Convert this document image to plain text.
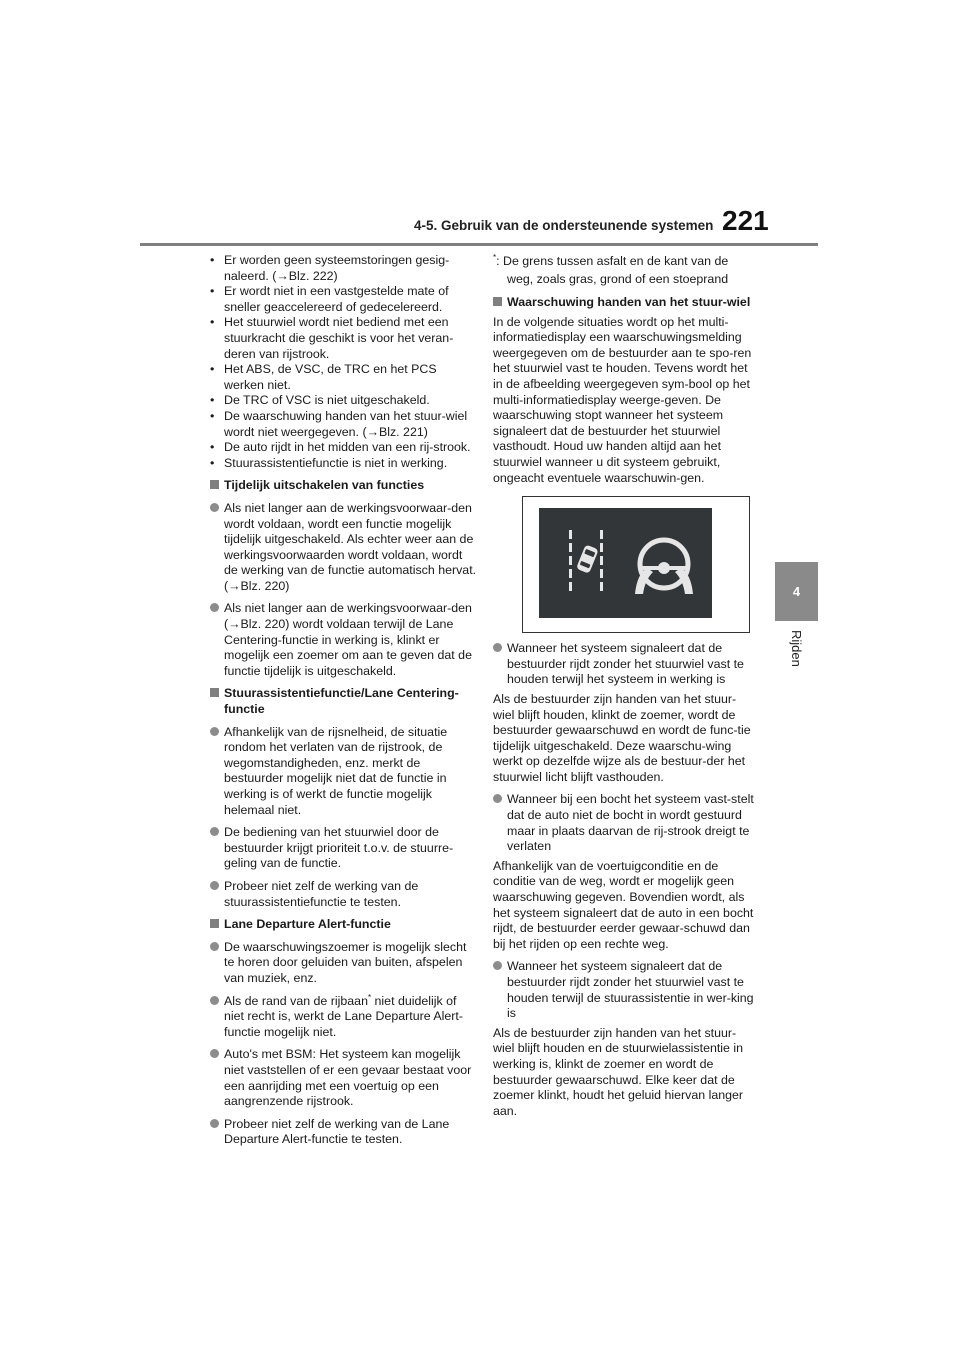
4-5. Gebruik van de ondersteunende systemen 221
4
Rijden
• Er worden geen systeemstoringen gesig-naleerd. (→Blz. 222)
• Er wordt niet in een vastgestelde mate of sneller geaccelereerd of gedecelereerd.
• Het stuurwiel wordt niet bediend met een stuurkracht die geschikt is voor het veran-deren van rijstrook.
• Het ABS, de VSC, de TRC en het PCS werken niet.
• De TRC of VSC is niet uitgeschakeld.
• De waarschuwing handen van het stuur-wiel wordt niet weergegeven. (→Blz. 221)
• De auto rijdt in het midden van een rij-strook.
• Stuurassistentiefunctie is niet in werking.
Tijdelijk uitschakelen van functies
Als niet langer aan de werkingsvoorwaar-den wordt voldaan, wordt een functie mogelijk tijdelijk uitgeschakeld. Als echter weer aan de werkingsvoorwaarden wordt voldaan, wordt de werking van de functie automatisch hervat. (→Blz. 220)
Als niet langer aan de werkingsvoorwaar-den (→Blz. 220) wordt voldaan terwijl de Lane Centering-functie in werking is, klinkt er mogelijk een zoemer om aan te geven dat de functie tijdelijk is uitgeschakeld.
Stuurassistentiefunctie/Lane Centering-functie
Afhankelijk van de rijsnelheid, de situatie rondom het verlaten van de rijstrook, de wegomstandigheden, enz. merkt de bestuurder mogelijk niet dat de functie in werking is of werkt de functie mogelijk helemaal niet.
De bediening van het stuurwiel door de bestuurder krijgt prioriteit t.o.v. de stuurre-geling van de functie.
Probeer niet zelf de werking van de stuurassistentiefunctie te testen.
Lane Departure Alert-functie
De waarschuwingszoemer is mogelijk slecht te horen door geluiden van buiten, afspelen van muziek, enz.
Als de rand van de rijbaan* niet duidelijk of niet recht is, werkt de Lane Departure Alert-functie mogelijk niet.
Auto's met BSM: Het systeem kan mogelijk niet vaststellen of er een gevaar bestaat voor een aanrijding met een voertuig op een aangrenzende rijstrook.
Probeer niet zelf de werking van de Lane Departure Alert-functie te testen.
*: De grens tussen asfalt en de kant van de weg, zoals gras, grond of een stoeprand
Waarschuwing handen van het stuur-wiel
In de volgende situaties wordt op het multi-informatiedisplay een waarschuwingsmelding weergegeven om de bestuurder aan te spo-ren het stuurwiel vast te houden. Tevens wordt het in de afbeelding weergegeven sym-bool op het multi-informatiedisplay weerge-geven. De waarschuwing stopt wanneer het systeem signaleert dat de bestuurder het stuurwiel vasthoudt. Houd uw handen altijd aan het stuurwiel wanneer u dit systeem gebruikt, ongeacht eventuele waarschuwin-gen.
Wanneer het systeem signaleert dat de bestuurder rijdt zonder het stuurwiel vast te houden terwijl het systeem in werking is
Als de bestuurder zijn handen van het stuur-wiel blijft houden, klinkt de zoemer, wordt de bestuurder gewaarschuwd en wordt de func-tie tijdelijk uitgeschakeld. Deze waarschu-wing werkt op dezelfde wijze als de bestuur-der het stuurwiel licht blijft vasthouden.
Wanneer bij een bocht het systeem vast-stelt dat de auto niet de bocht in wordt gestuurd maar in plaats daarvan de rij-strook dreigt te verlaten
Afhankelijk van de voertuigconditie en de conditie van de weg, wordt er mogelijk geen waarschuwing gegeven. Bovendien wordt, als het systeem signaleert dat de auto in een bocht rijdt, de bestuurder eerder gewaar-schuwd dan bij het rijden op een rechte weg.
Wanneer het systeem signaleert dat de bestuurder rijdt zonder het stuurwiel vast te houden terwijl de stuurassistentie in wer-king is
Als de bestuurder zijn handen van het stuur-wiel blijft houden en de stuurwielassistentie in werking is, klinkt de zoemer en wordt de bestuurder gewaarschuwd. Elke keer dat de zoemer klinkt, houdt het geluid hiervan langer aan.
